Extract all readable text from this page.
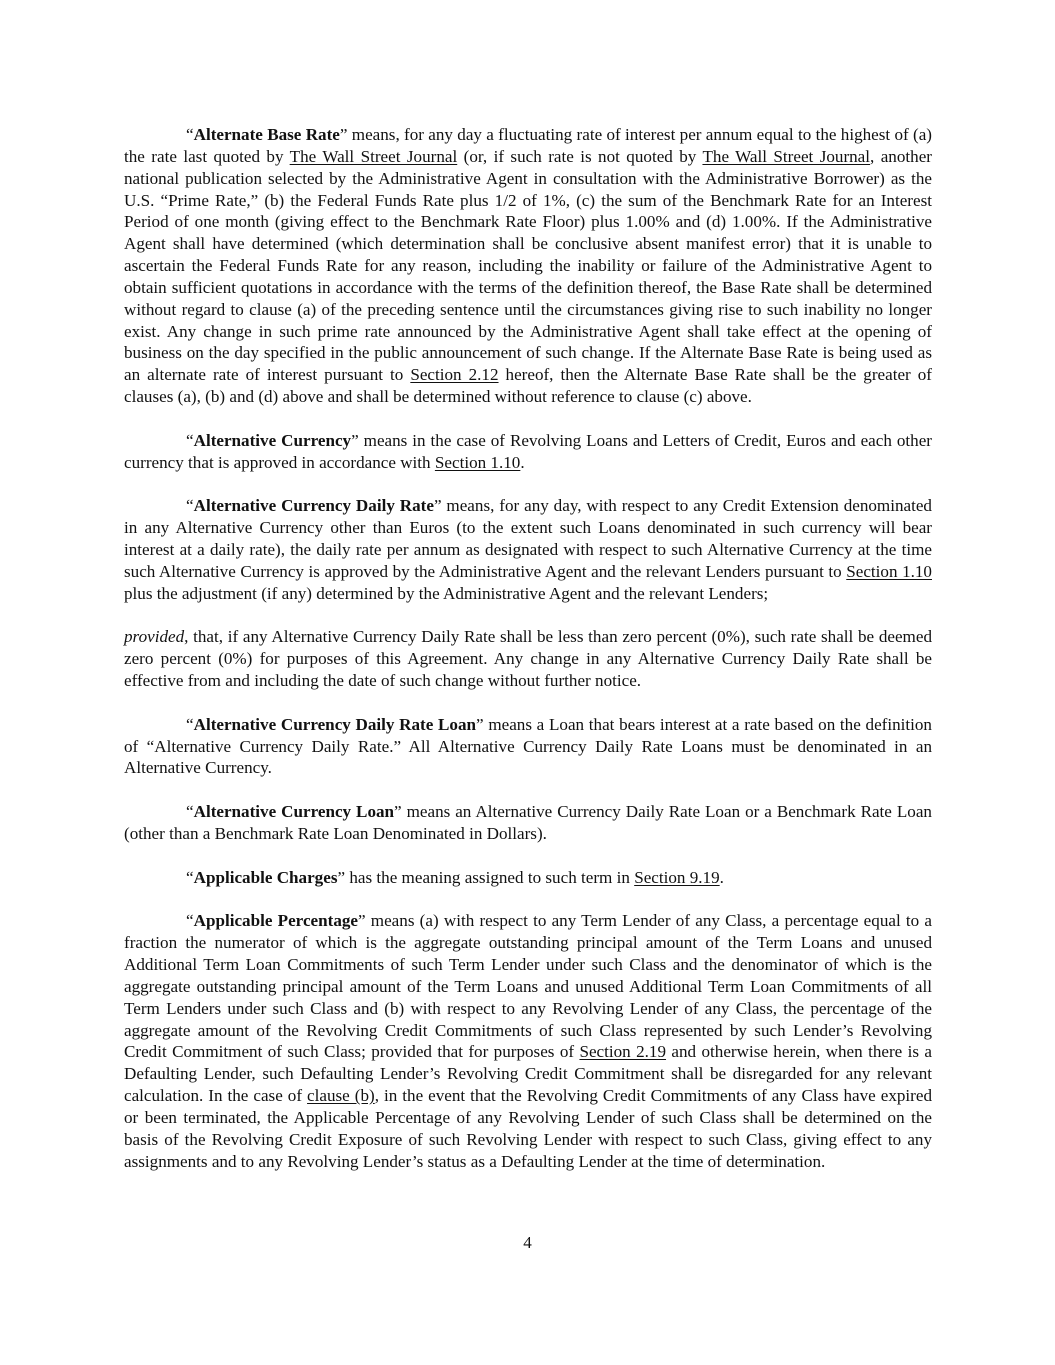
“Alternate Base Rate” means, for any day a fluctuating rate of interest per annum equal to the highest of (a) the rate last quoted by The Wall Street Journal (or, if such rate is not quoted by The Wall Street Journal, another national publication selected by the Administrative Agent in consultation with the Administrative Borrower) as the U.S. “Prime Rate,” (b) the Federal Funds Rate plus 1/2 of 1%, (c) the sum of the Benchmark Rate for an Interest Period of one month (giving effect to the Benchmark Rate Floor) plus 1.00% and (d) 1.00%. If the Administrative Agent shall have determined (which determination shall be conclusive absent manifest error) that it is unable to ascertain the Federal Funds Rate for any reason, including the inability or failure of the Administrative Agent to obtain sufficient quotations in accordance with the terms of the definition thereof, the Base Rate shall be determined without regard to clause (a) of the preceding sentence until the circumstances giving rise to such inability no longer exist. Any change in such prime rate announced by the Administrative Agent shall take effect at the opening of business on the day specified in the public announcement of such change. If the Alternate Base Rate is being used as an alternate rate of interest pursuant to Section 2.12 hereof, then the Alternate Base Rate shall be the greater of clauses (a), (b) and (d) above and shall be determined without reference to clause (c) above.

“Alternative Currency” means in the case of Revolving Loans and Letters of Credit, Euros and each other currency that is approved in accordance with Section 1.10.

“Alternative Currency Daily Rate” means, for any day, with respect to any Credit Extension denominated in any Alternative Currency other than Euros (to the extent such Loans denominated in such currency will bear interest at a daily rate), the daily rate per annum as designated with respect to such Alternative Currency at the time such Alternative Currency is approved by the Administrative Agent and the relevant Lenders pursuant to Section 1.10 plus the adjustment (if any) determined by the Administrative Agent and the relevant Lenders;

provided, that, if any Alternative Currency Daily Rate shall be less than zero percent (0%), such rate shall be deemed zero percent (0%) for purposes of this Agreement. Any change in any Alternative Currency Daily Rate shall be effective from and including the date of such change without further notice.

“Alternative Currency Daily Rate Loan” means a Loan that bears interest at a rate based on the definition of “Alternative Currency Daily Rate.” All Alternative Currency Daily Rate Loans must be denominated in an Alternative Currency.

“Alternative Currency Loan” means an Alternative Currency Daily Rate Loan or a Benchmark Rate Loan (other than a Benchmark Rate Loan Denominated in Dollars).

“Applicable Charges” has the meaning assigned to such term in Section 9.19.

“Applicable Percentage” means (a) with respect to any Term Lender of any Class, a percentage equal to a fraction the numerator of which is the aggregate outstanding principal amount of the Term Loans and unused Additional Term Loan Commitments of such Term Lender under such Class and the denominator of which is the aggregate outstanding principal amount of the Term Loans and unused Additional Term Loan Commitments of all Term Lenders under such Class and (b) with respect to any Revolving Lender of any Class, the percentage of the aggregate amount of the Revolving Credit Commitments of such Class represented by such Lender’s Revolving Credit Commitment of such Class; provided that for purposes of Section 2.19 and otherwise herein, when there is a Defaulting Lender, such Defaulting Lender’s Revolving Credit Commitment shall be disregarded for any relevant calculation. In the case of clause (b), in the event that the Revolving Credit Commitments of any Class have expired or been terminated, the Applicable Percentage of any Revolving Lender of such Class shall be determined on the basis of the Revolving Credit Exposure of such Revolving Lender with respect to such Class, giving effect to any assignments and to any Revolving Lender’s status as a Defaulting Lender at the time of determination.

4
